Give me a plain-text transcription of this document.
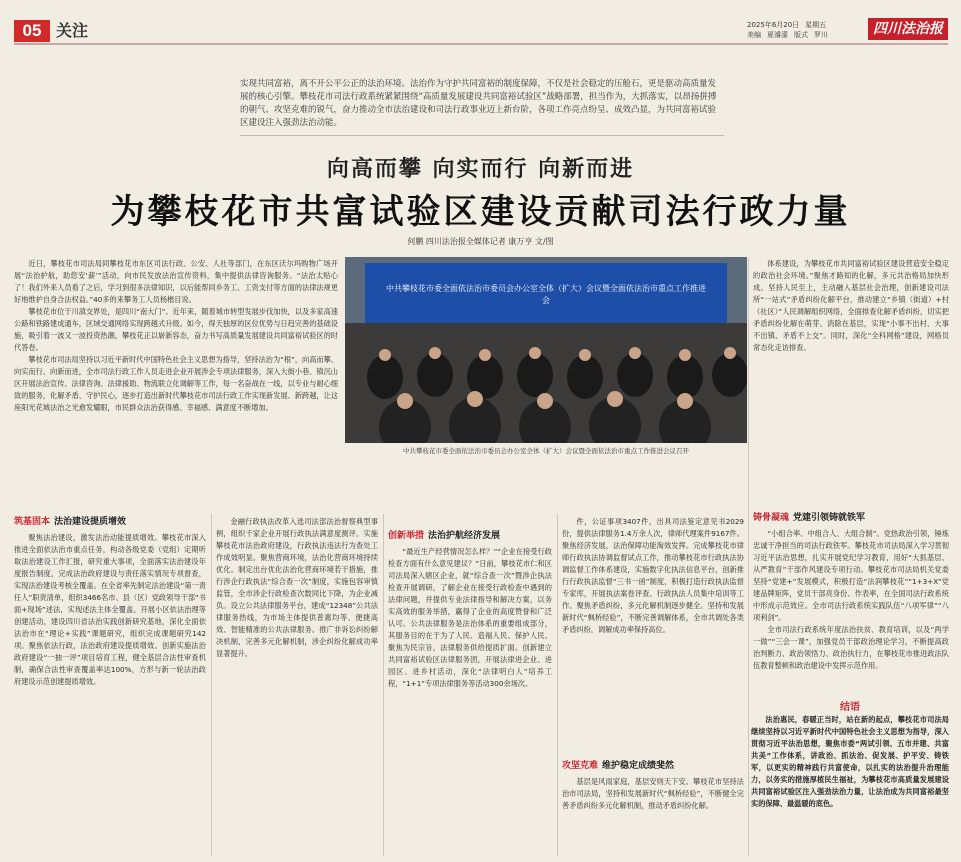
05 关注	2025年6月20日 星期五
美编 夏濬濛 版式 罗川	四川法治报
实现共同富裕，离不开公平公正的法治环境。法治作为守护共同富裕的制度保障，不仅是社会稳定的压舱石，更是驱动高质量发展的核心引擎。攀枝花市司法行政系统紧紧围绕“高质量发展建设共同富裕试验区”战略部署，担当作为，大抓落实，以昂扬拼搏的朝气、攻坚克难的锐气，奋力推动全市法治建设和司法行政事业迈上新台阶，各项工作亮点纷呈、成效凸显，为共同富裕试验区建设注入强劲法治动能。
向高而攀 向实而行 向新而进
为攀枝花市共富试验区建设贡献司法行政力量
何鹏 四川法治报全媒体记者 康万亨 文/图

近日，攀枝花市司法局同攀枝花市东区司法行政、公安、人社等部门，在东区沃尔玛购物广场开展“法治护航，助您安‘薪’”活动，向市民发放法治宣传资料，集中提供法律咨询服务。“法治太贴心了！我们外来人员看了之后，学习到很多法律知识，以后能帮同乡务工、工资支付等方面的法律法规更好地维护自身合法权益。”40多的来攀务工人员杨楷目说。

攀枝花市位于川滇交界处，是四川“南大门”。近年来，随着城市转型发展步伐加快，以及多家高速公路和铁路建成通车，区域交通网络实现跨越式升级。如今，得天独厚的区位优势与日趋完善的基础设施，吸引着一波又一波投资热潮，攀枝花正以崭新容态，奋力书写高质量发展建设共同富裕试验区的时代答卷。

攀枝花市司法局坚持以习近平新时代中国特色社会主义思想为指导，坚持法治为“根”，向高而攀、向实而行、向新而进，全市司法行政工作人员走进企业开展涉企专项法律服务，深入大街小巷、镇沉山区开展法治宣传、法律咨询、法律援助、物流联立化调解等工作，每一名奋战在一线，以专业与耐心细致的服务，化解矛盾、守护民心，逐步打造出新时代攀枝花市司法行政工作实现新发展、新跨越，让这座阳光花城法治之光愈发耀眼，市民群众法治获得感、幸福感、满意度不断增加。

中共攀枝花市委全面依法治市委员会办公室全体（扩大）会议暨全面依法治市重点工作推进会
中共攀枝花市委全面依法治市委员会办公室全体（扩大）会议暨全面依法治市重点工作推进会议召开
筑基固本 法治建设提质增效

聚焦法治建设，激发法治动能提质增效。攀枝花市深入推进全面依法治市重点任务，构动各级党委（党组）定期听取法治建设工作汇报，研究重大事项，全面落实法治建设年度报告制度，完成法治政府建设与责任落实情况专项督查，实现法治建设考核全覆盖。在全省率先制定法治建设“第一责任人”职责清单，组织3466名市、县（区）党政领导干部“书面+现场”述法，实现述法主体全覆盖。开展小区依法治理等创建活动，建设四川省法治实践创新研究基地，深化全面依法治市在“理论+实践”课题研究，组织完成课题研究142项。聚焦依法行政，法治政府建设提质增效。创新实施法治政府建设“一抽一评”项目培育工程，健全基层合法性审查机制，确保合法性审查覆盖率达100%，方形与新一轮法治政府建设示范创建提质增效。

金融行政执法改革入选司法部法治督察典型事例，组织千家企业开展行政执法满意度测评。实施攀枝花市法治政府建设，行政执法违法行为查处工作成效明显。聚焦营商环境，法治化营商环境持续优化。制定出台优化法治化营商环境若干措施，推行涉企行政执法“综合查一次”制度，实施包容审慎监管，全市涉企行政检查次数同比下降，为企业减负。设立公共法律服务平台，建成“12348”公共法律服务热线，为市场主体提供普惠均等、便捷高效、智能精准的公共法律服务。推广非诉讼纠纷解决机制，完善多元化解机制，涉企纠纷化解成功率显著提升。

创新举措 法治护航经济发展

“最近生产经营情况怎么样？”“企业在接受行政检查方面有什么意见建议？”日前，攀枝花市仁和区司法局深入辖区企业，就“综合查一次”暨涉企执法检查开展调研，了解企业在接受行政检查中遇到的法律问题，并提供专业法律指导和解决方案，以务实高效的服务举措，赢得了企业的高度赞誉和广泛认可。公共法律服务是法治体系的重要组成部分，其服务目的在于为了人民、造福人民、保护人民。聚焦为民宗旨，法律服务供给提质扩面。创新建立共同富裕试验区法律服务团，开展法律进企业、进园区、进乡村活动，深化“法律明白人”培养工程，“1+1”专项法律服务等活动300余场次。

件，公证事项3407件，出具司法鉴定意见书2029份，提供法律服务1.4万余人次，律师代理案件9167件。聚焦经济发展，法治保障功能淘效发挥。完成攀枝花市律师行政执法协调监督试点工作，推动攀枝花市行政执法协调监督工作体系建设，实施数字化执法信息平台，创新推行行政执法监督“三书一函”制度，积极打造行政执法监督专家库，开展执法案卷评查、行政执法人员集中培训等工作。聚焦矛盾纠纷，多元化解机制逐步健全。坚持和发展新时代“枫桥经验”，不断完善调解体系，全市共调处各类矛盾纠纷，调解成功率保持高位。

攻坚克难 维护稳定成绩斐然

基层是风雨家庭，基层安则天下安。攀枝花市坚持法治市司法局，坚持和发展新时代“枫桥经验”，不断健全完善矛盾纠纷多元化解机制，推动矛盾纠纷化解。

体系建设，为攀枝花市共同富裕试验区建设营造安全稳定的政治社会环境。”聚焦才路知的化解，多元共治格局加快形成。坚持人民至上，主动融入基层社会治理，创新建设司法所“一站式”矛盾纠纷化解平台，推动建立“乡镇（街道）+村（社区）”人民调解组织网络，全面排查化解矛盾纠纷，切实把矛盾纠纷化解在萌芽、消除在基层，实现“小事不出村、大事不出镇、矛盾不上交”。同时，深化“全科网格”建设，网格员常态化走访排查。

铸骨凝魂 党建引领铸就铁军

“小组合率、中组合人、大组合制”。党热政治引领，锤炼忠诚干净担当的司法行政铁军。攀枝花市司法局深入学习贯彻习近平法治思想，扎实开展党纪学习教育，用好“大抓基层、从严教育”干部作风建设专项行动。攀枝花市司法局机关党委坚持“党建+”发展模式，积极打造“法润攀枝花”“1+3+X”党建品牌矩阵，党员干部亮身份、作表率，在全国司法行政系统中形成示范效应。全市司法行政系统实践队伍“八项军律”“八项利剑”。

全市司法行政系统年度法治扶贫、教育培训，以及“两学一做”“三会一课”，加强党员干部政治理论学习，不断提高政治判断力、政治领悟力、政治执行力，在攀枝花市推进政法队伍教育整顿和政治建设中发挥示范作用。

结语

法治惠民，春暖正当时，站在新的起点，攀枝花市司法局继续坚持以习近平新时代中国特色社会主义思想为指导，深入贯彻习近平法治思想，聚焦市委“两试引领、五市并建、共富共美”工作体系，讲政治、抓法治、促发展、护平安、铸铁军，以更实的精神践行共富使命，以扎实的法治提升治理能力，以务实的措施厚植民生福祉，为攀枝花市高质量发展建设共同富裕试验区注入强劲法治力量，让法治成为共同富裕最坚实的保障、最温暖的底色。
